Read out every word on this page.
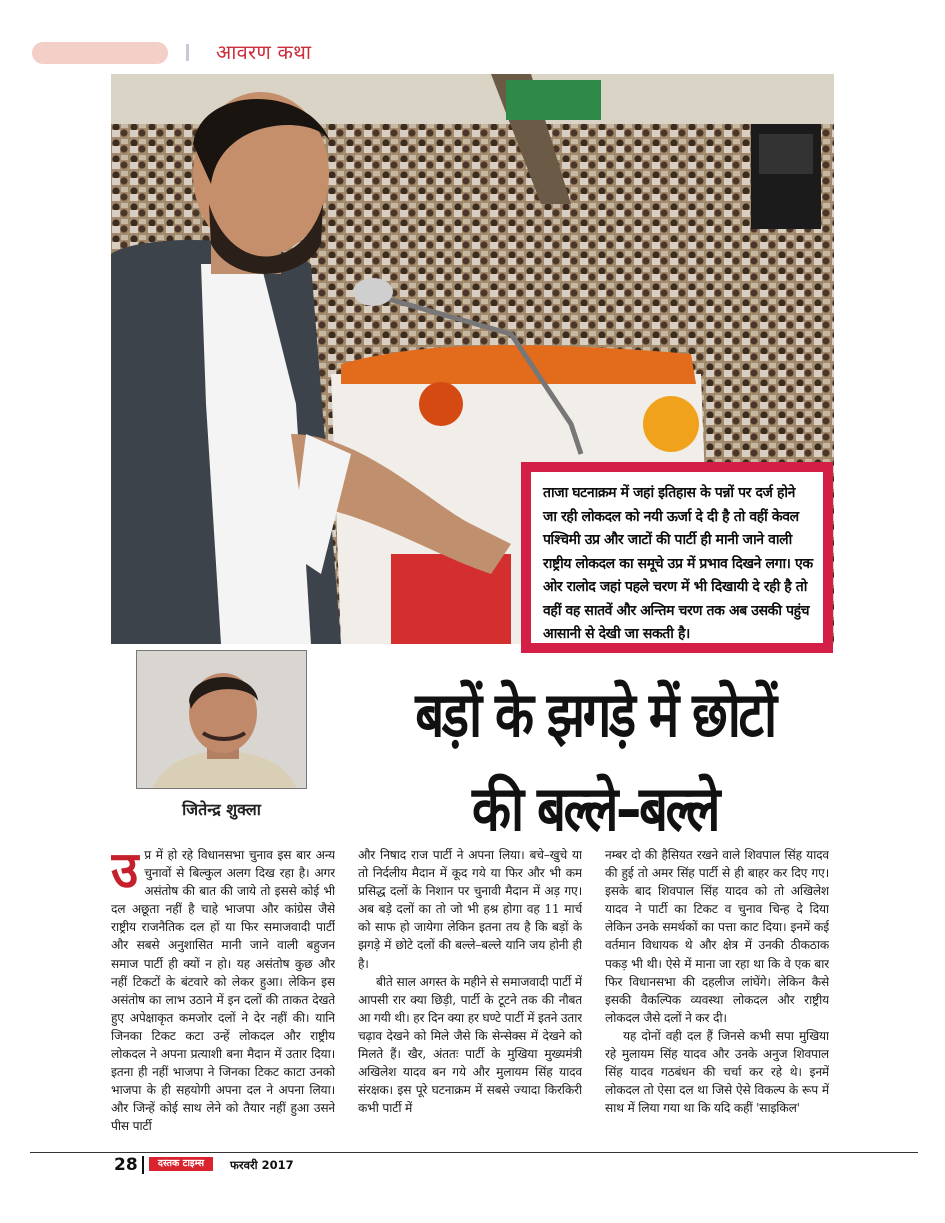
आवरण कथा
ताजा घटनाक्रम में जहां इतिहास के पन्नों पर दर्ज होने जा रही लोकदल को नयी ऊर्जा दे दी है तो वहीं केवल पश्चिमी उप्र और जाटों की पार्टी ही मानी जाने वाली राष्ट्रीय लोकदल का समूचे उप्र में प्रभाव दिखने लगा। एक ओर रालोद जहां पहले चरण में भी दिखायी दे रही है तो वहीं वह सातवें और अन्तिम चरण तक अब उसकी पहुंच आसानी से देखी जा सकती है।
जितेन्द्र शुक्ला
बड़ों के झगड़े में छोटों
की बल्ले–बल्ले
उ प्र में हो रहे विधानसभा चुनाव इस बार अन्य चुनावों से बिल्कुल अलग दिख रहा है। अगर असंतोष की बात की जाये तो इससे कोई भी दल अछूता नहीं है चाहे भाजपा और कांग्रेस जैसे राष्ट्रीय राजनैतिक दल हों या फिर समाजवादी पार्टी और सबसे अनुशासित मानी जाने वाली बहुजन समाज पार्टी ही क्यों न हो। यह असंतोष कुछ और नहीं टिकटों के बंटवारे को लेकर हुआ। लेकिन इस असंतोष का लाभ उठाने में इन दलों की ताकत देखते हुए अपेक्षाकृत कमजोर दलों ने देर नहीं की। यानि जिनका टिकट कटा उन्हें लोकदल और राष्ट्रीय लोकदल ने अपना प्रत्याशी बना मैदान में उतार दिया। इतना ही नहीं भाजपा ने जिनका टिकट काटा उनको भाजपा के ही सहयोगी अपना दल ने अपना लिया। और जिन्हें कोई साथ लेने को तैयार नहीं हुआ उसने पीस पार्टी

और निषाद राज पार्टी ने अपना लिया। बचे–खुचे या तो निर्दलीय मैदान में कूद गये या फिर और भी कम प्रसिद्ध दलों के निशान पर चुनावी मैदान में अड़ गए। अब बड़े दलों का तो जो भी हश्र होगा वह 11 मार्च को साफ हो जायेगा लेकिन इतना तय है कि बड़ों के झगड़े में छोटे दलों की बल्ले–बल्ले यानि जय होनी ही है।

बीते साल अगस्त के महीने से समाजवादी पार्टी में आपसी रार क्या छिड़ी, पार्टी के टूटने तक की नौबत आ गयी थी। हर दिन क्या हर घण्टे पार्टी में इतने उतार चढ़ाव देखने को मिले जैसे कि सेन्सेक्स में देखने को मिलते हैं। खैर, अंततः पार्टी के मुखिया मुख्यमंत्री अखिलेश यादव बन गये और मुलायम सिंह यादव संरक्षक। इस पूरे घटनाक्रम में सबसे ज्यादा किरकिरी कभी पार्टी में

नम्बर दो की हैसियत रखने वाले शिवपाल सिंह यादव की हुई तो अमर सिंह पार्टी से ही बाहर कर दिए गए। इसके बाद शिवपाल सिंह यादव को तो अखिलेश यादव ने पार्टी का टिकट व चुनाव चिन्ह दे दिया लेकिन उनके समर्थकों का पत्ता काट दिया। इनमें कई वर्तमान विधायक थे और क्षेत्र में उनकी ठीकठाक पकड़ भी थी। ऐसे में माना जा रहा था कि वे एक बार फिर विधानसभा की दहलीज लांघेंगे। लेकिन कैसे इसकी वैकल्पिक व्यवस्था लोकदल और राष्ट्रीय लोकदल जैसे दलों ने कर दी।

यह दोनों वही दल हैं जिनसे कभी सपा मुखिया रहे मुलायम सिंह यादव और उनके अनुज शिवपाल सिंह यादव गठबंधन की चर्चा कर रहे थे। इनमें लोकदल तो ऐसा दल था जिसे ऐसे विकल्प के रूप में साथ में लिया गया था कि यदि कहीं 'साइकिल'

28	दस्तक टाइम्स	फरवरी 2017
